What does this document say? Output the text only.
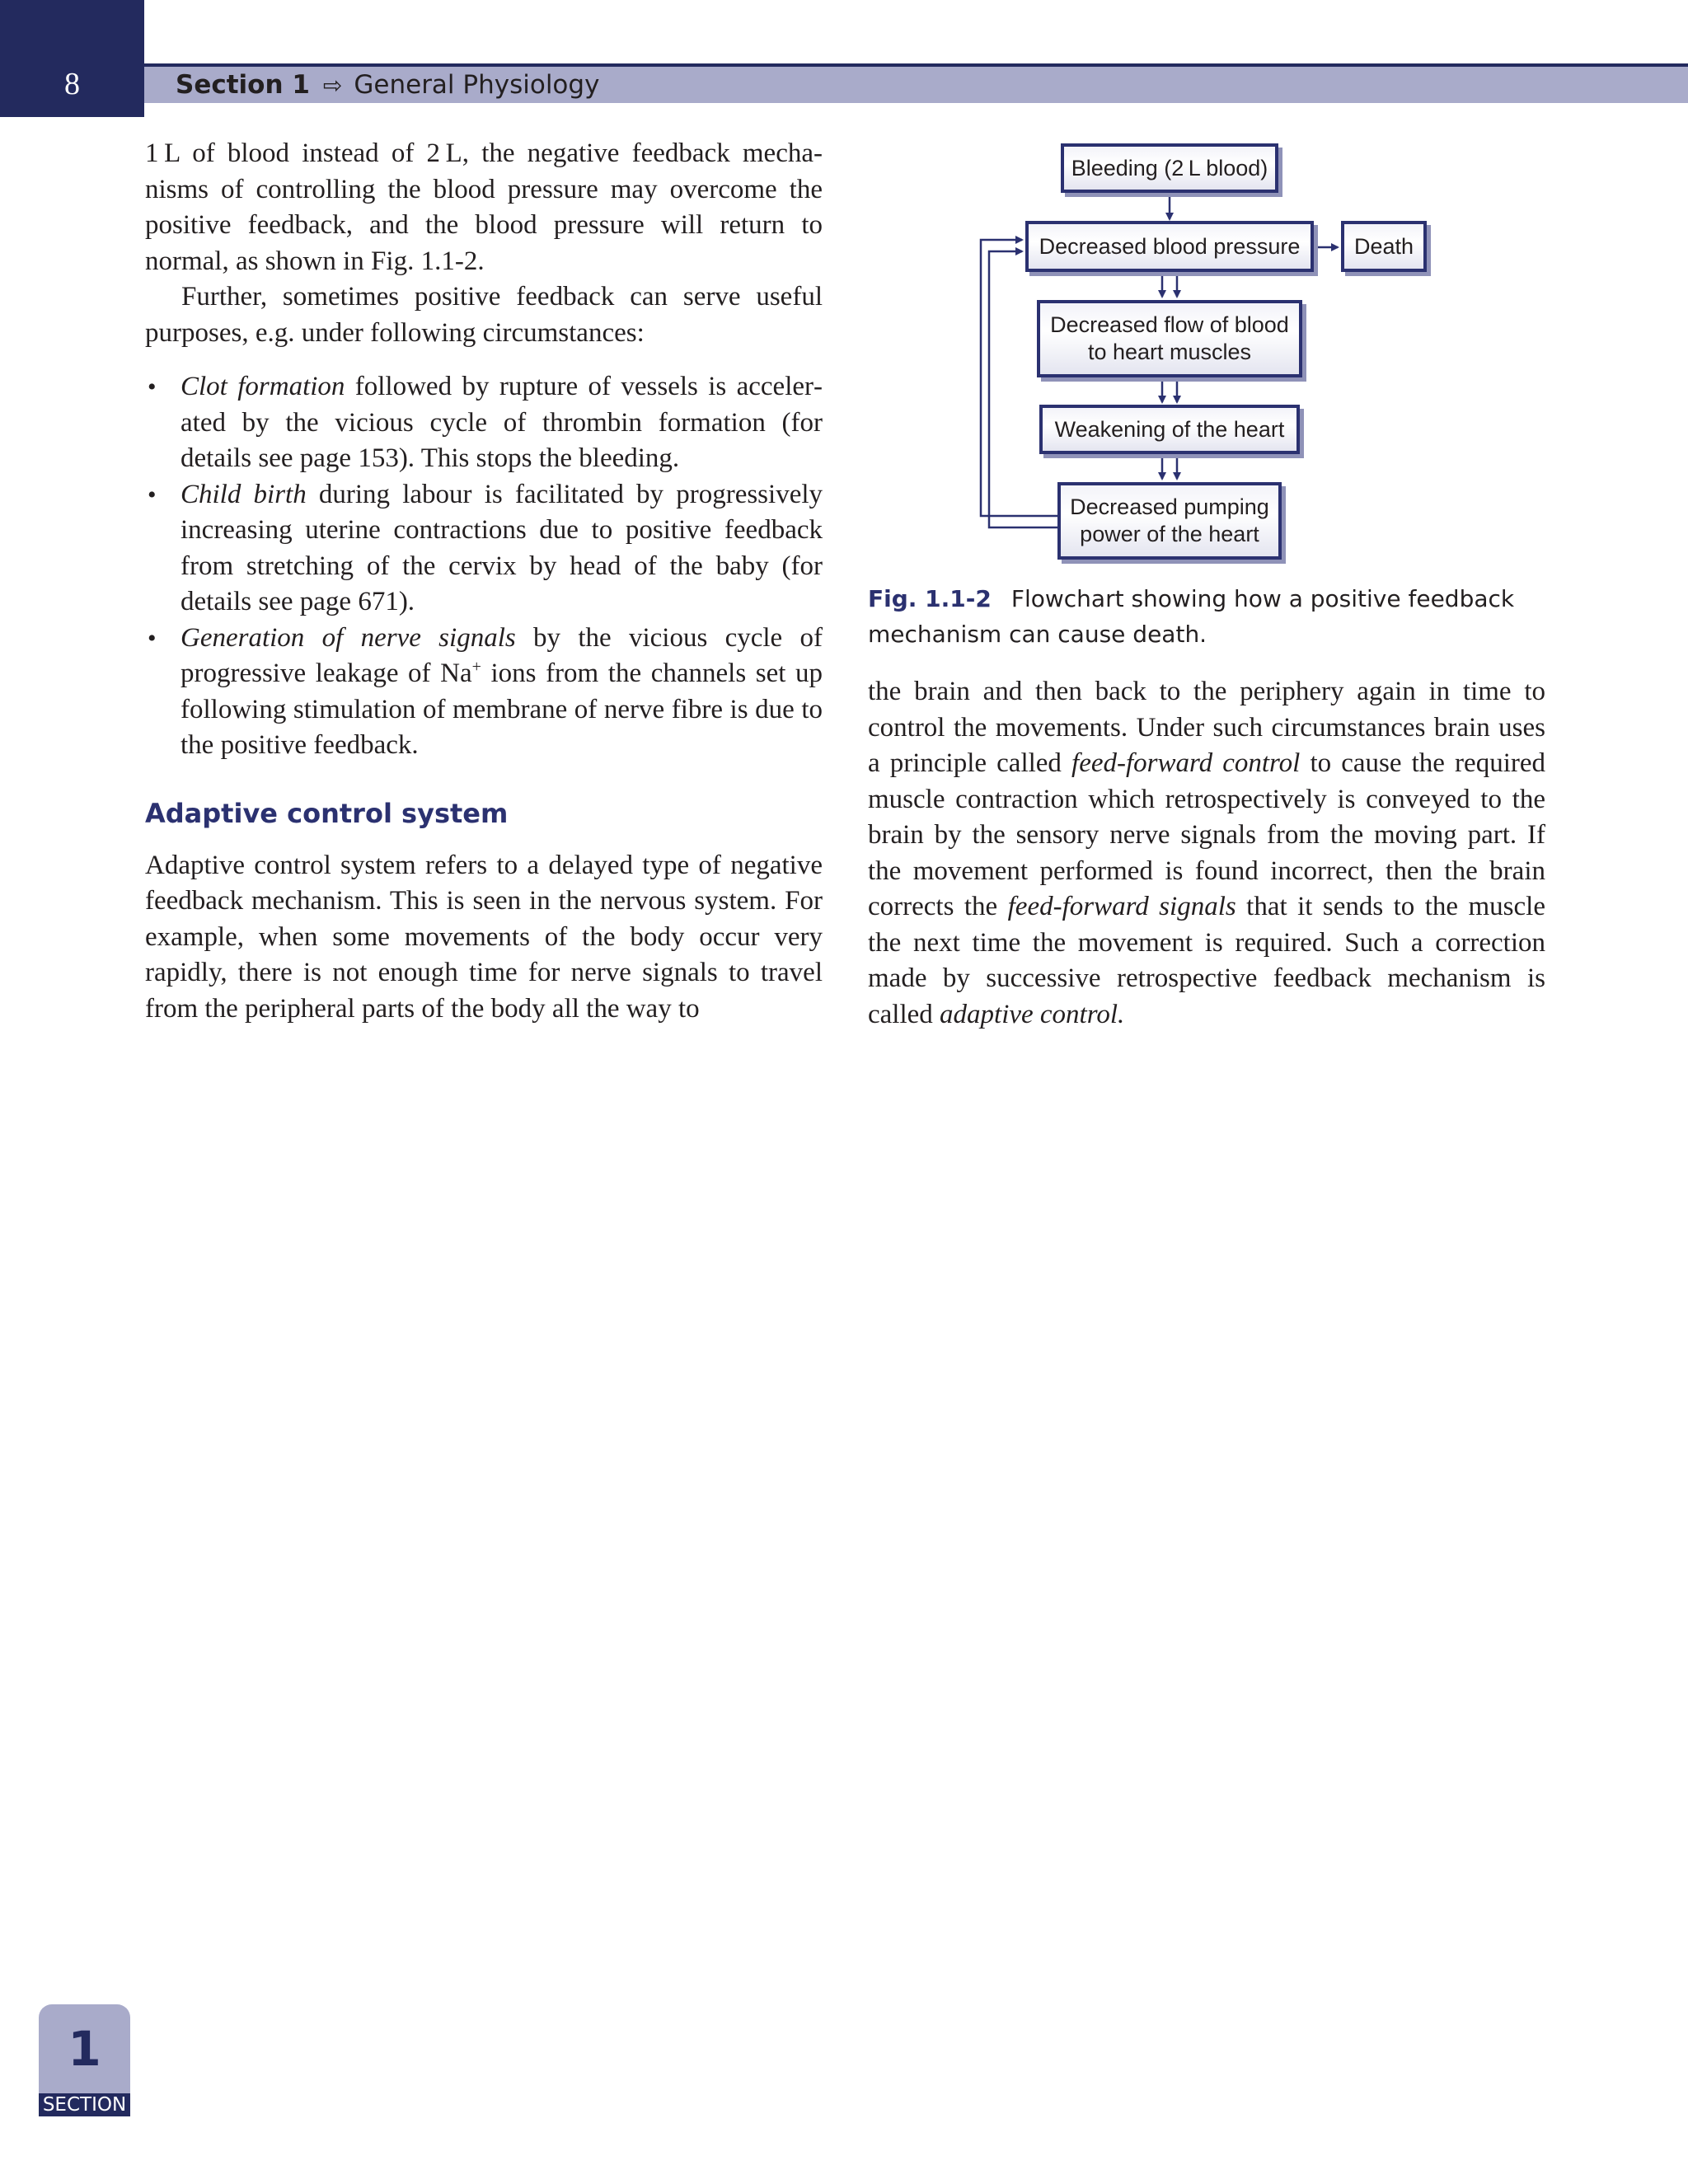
8	Section 1 ⇨ General Physiology

1 L of blood instead of 2 L, the negative feedback mechanisms of controlling the blood pressure may overcome the positive feedback, and the blood pressure will return to normal, as shown in Fig. 1.1-2.

Further, sometimes positive feedback can serve useful purposes, e.g. under following circumstances:

• Clot formation followed by rupture of vessels is accelerated by the vicious cycle of thrombin formation (for details see page 153). This stops the bleeding.
• Child birth during labour is facilitated by progressively increasing uterine contractions due to positive feedback from stretching of the cervix by head of the baby (for details see page 671).
• Generation of nerve signals by the vicious cycle of progressive leakage of Na+ ions from the channels set up following stimulation of membrane of nerve fibre is due to the positive feedback.
Adaptive control system

Adaptive control system refers to a delayed type of negative feedback mechanism. This is seen in the nervous system. For example, when some movements of the body occur very rapidly, there is not enough time for nerve signals to travel from the peripheral parts of the body all the way to

Bleeding (2 L blood)
Decreased blood pressure	Death
Decreased flow of blood
to heart muscles
Weakening of the heart
Decreased pumping
power of the heart
Fig. 1.1-2 Flowchart showing how a positive feedback mechanism can cause death.

the brain and then back to the periphery again in time to control the movements. Under such circumstances brain uses a principle called feed-forward control to cause the required muscle contraction which retrospectively is conveyed to the brain by the sensory nerve signals from the moving part. If the movement performed is found incorrect, then the brain corrects the feed-forward signals that it sends to the muscle the next time the movement is required. Such a correction made by successive retrospective feedback mechanism is called adaptive control.

1
SECTION
